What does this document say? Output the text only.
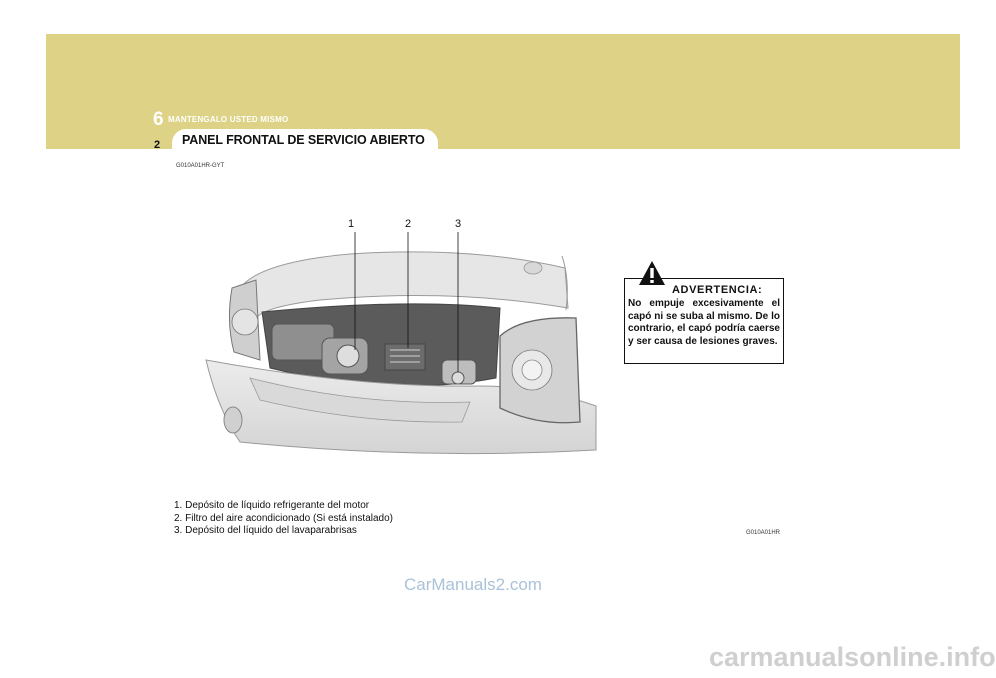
6 MANTENGALO USTED MISMO
PANEL FRONTAL DE SERVICIO ABIERTO
2
G010A01HR-GYT
1	2	3
ADVERTENCIA:
No empuje excesivamente el capó ni se suba al mismo. De lo contrario, el capó podría caerse y ser causa de lesiones graves.
1. Depósito de líquido refrigerante del motor
2. Filtro del aire acondicionado (Si está instalado)
3. Depósito del líquido del lavaparabrisas	G010A01HR
CarManuals2.com
carmanualsonline.info
